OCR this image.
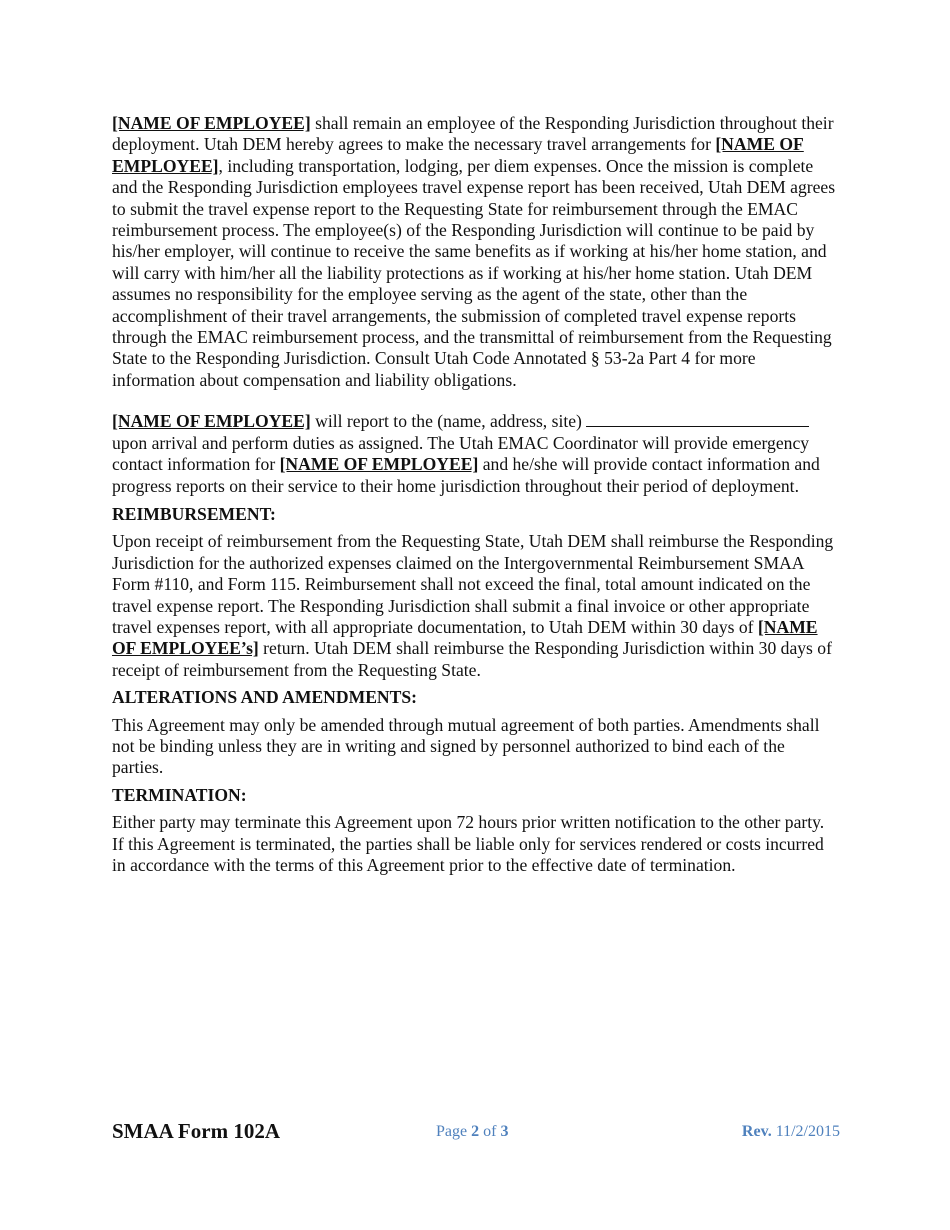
[NAME OF EMPLOYEE] shall remain an employee of the Responding Jurisdiction throughout their deployment. Utah DEM hereby agrees to make the necessary travel arrangements for [NAME OF EMPLOYEE], including transportation, lodging, per diem expenses. Once the mission is complete and the Responding Jurisdiction employees travel expense report has been received, Utah DEM agrees to submit the travel expense report to the Requesting State for reimbursement through the EMAC reimbursement process. The employee(s) of the Responding Jurisdiction will continue to be paid by his/her employer, will continue to receive the same benefits as if working at his/her home station, and will carry with him/her all the liability protections as if working at his/her home station. Utah DEM assumes no responsibility for the employee serving as the agent of the state, other than the accomplishment of their travel arrangements, the submission of completed travel expense reports through the EMAC reimbursement process, and the transmittal of reimbursement from the Requesting State to the Responding Jurisdiction. Consult Utah Code Annotated § 53-2a Part 4 for more information about compensation and liability obligations.

[NAME OF EMPLOYEE] will report to the (name, address, site)
upon arrival and perform duties as assigned. The Utah EMAC Coordinator will provide emergency contact information for [NAME OF EMPLOYEE] and he/she will provide contact information and progress reports on their service to their home jurisdiction throughout their period of deployment.

REIMBURSEMENT:

Upon receipt of reimbursement from the Requesting State, Utah DEM shall reimburse the Responding Jurisdiction for the authorized expenses claimed on the Intergovernmental Reimbursement SMAA Form #110, and Form 115. Reimbursement shall not exceed the final, total amount indicated on the travel expense report. The Responding Jurisdiction shall submit a final invoice or other appropriate travel expenses report, with all appropriate documentation, to Utah DEM within 30 days of [NAME OF EMPLOYEE’s] return. Utah DEM shall reimburse the Responding Jurisdiction within 30 days of receipt of reimbursement from the Requesting State.

ALTERATIONS AND AMENDMENTS:

This Agreement may only be amended through mutual agreement of both parties. Amendments shall not be binding unless they are in writing and signed by personnel authorized to bind each of the parties.

TERMINATION:

Either party may terminate this Agreement upon 72 hours prior written notification to the other party. If this Agreement is terminated, the parties shall be liable only for services rendered or costs incurred in accordance with the terms of this Agreement prior to the effective date of termination.

SMAA Form 102A	Page 2 of 3	Rev. 11/2/2015
